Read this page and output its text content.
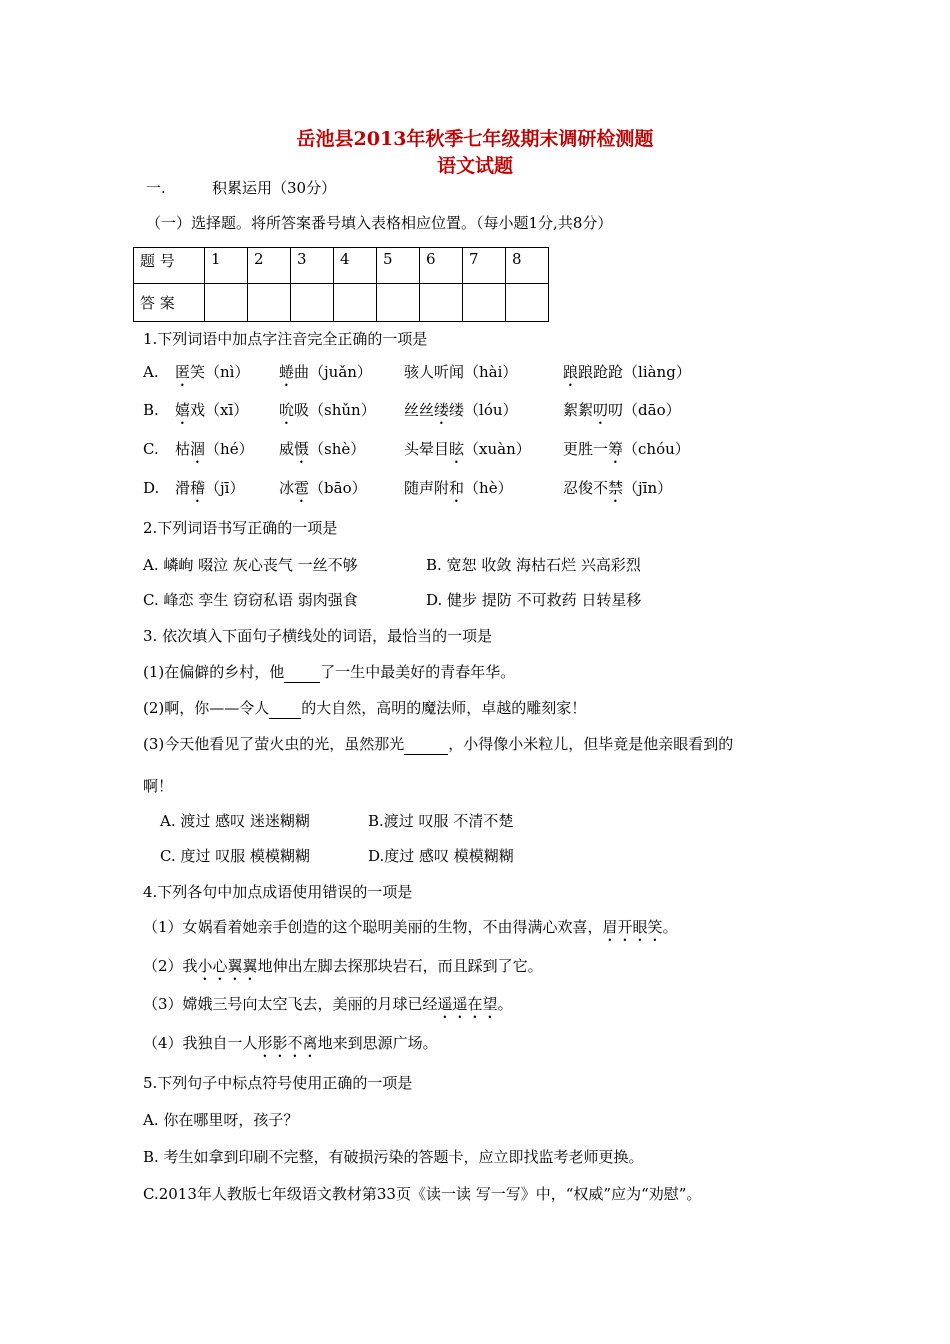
岳池县2013年秋季七年级期末调研检测题
语文试题
一.	积累运用（30分）
（一）选择题。将所答案番号填入表格相应位置。（每小题1分,共8分）
题 号	1	2	3	4	5	6	7	8
答 案								
1.下列词语中加点字注音完全正确的一项是
A. 匿笑（nì） 蜷曲（juǎn） 骇人听闻（hài）	踉踉跄跄（liàng）
B. 嬉戏（xī） 吮吸（shǔn） 丝丝缕缕（lóu）	絮絮叨叨（dāo）
C. 枯涸（hé） 威慑（shè）	头晕目眩（xuàn） 更胜一筹（chóu）
D. 滑稽（jī） 冰雹（bāo） 随声附和（hè）	忍俊不禁（jīn）
2.下列词语书写正确的一项是
A. 嶙峋 啜泣 灰心丧气 一丝不够	B. 宽恕 收敛 海枯石烂 兴高彩烈
C. 峰恋 孪生 窃窃私语 弱肉强食	D. 健步 提防 不可救药 日转星移
3. 依次填入下面句子横线处的词语，最恰当的一项是
(1)在偏僻的乡村，他 了一生中最美好的青春年华。
(2)啊，你——令人 的大自然，高明的魔法师，卓越的雕刻家！
(3)今天他看见了萤火虫的光，虽然那光	，小得像小米粒儿，但毕竟是他亲眼看到的
啊！
A. 渡过 感叹 迷迷糊糊	B.渡过 叹服 不清不楚
C. 度过 叹服 模模糊糊	D.度过 感叹 模模糊糊
4.下列各句中加点成语使用错误的一项是
（1）女娲看着她亲手创造的这个聪明美丽的生物，不由得满心欢喜，眉开眼笑。
（2）我小心翼翼地伸出左脚去探那块岩石，而且踩到了它。
（3）嫦娥三号向太空飞去，美丽的月球已经遥遥在望。
（4）我独自一人形影不离地来到思源广场。
5.下列句子中标点符号使用正确的一项是
A. 你在哪里呀，孩子？
B. 考生如拿到印刷不完整，有破损污染的答题卡，应立即找监考老师更换。
C.2013年人教版七年级语文教材第33页《读一读 写一写》中，“权威”应为“劝慰”。
